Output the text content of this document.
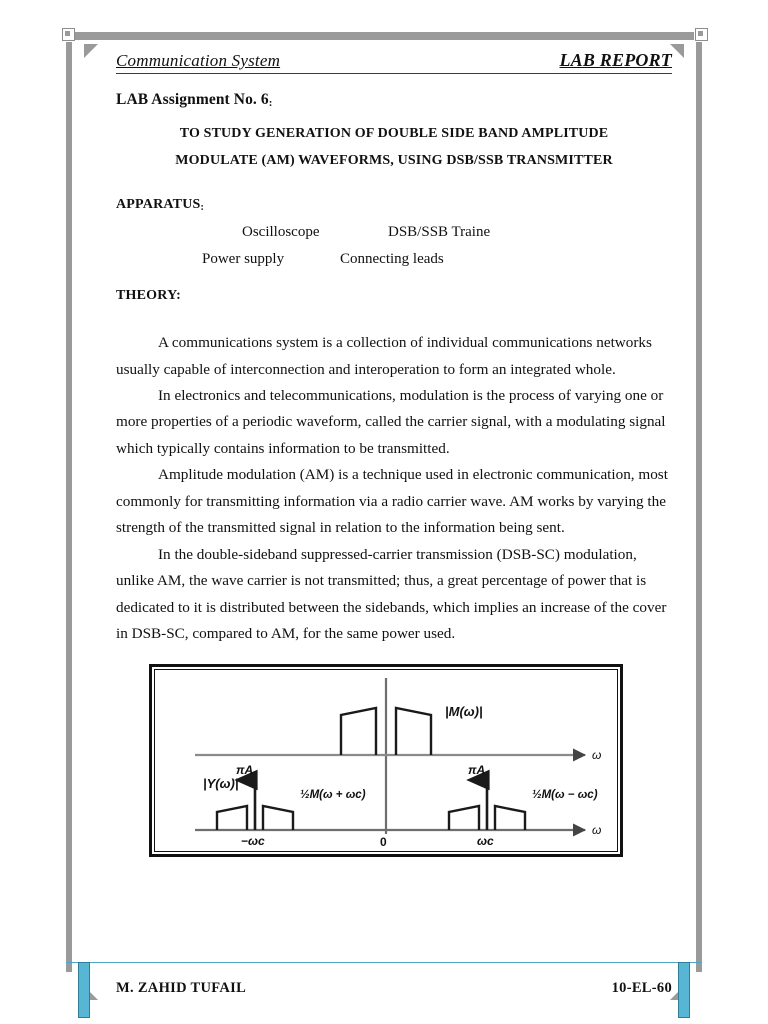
Communication System	LAB REPORT
LAB Assignment No. 6:
TO STUDY GENERATION OF DOUBLE SIDE BAND AMPLITUDE
MODULATE (AM) WAVEFORMS, USING DSB/SSB TRANSMITTER
APPARATUS:
Oscilloscope	DSB/SSB Traine
Power supply	Connecting leads
THEORY:

A communications system is a collection of individual communications networks usually capable of interconnection and interoperation to form an integrated whole.

In electronics and telecommunications, modulation is the process of varying one or more properties of a periodic waveform, called the carrier signal, with a modulating signal which typically contains information to be transmitted.

Amplitude modulation (AM) is a technique used in electronic communication, most commonly for transmitting information via a radio carrier wave. AM works by varying the strength of the transmitted signal in relation to the information being sent.

In the double-sideband suppressed-carrier transmission (DSB-SC) modulation, unlike AM, the wave carrier is not transmitted; thus, a great percentage of power that is dedicated to it is distributed between the sidebands, which implies an increase of the cover in DSB-SC, compared to AM, for the same power used.

|M(ω)|
ω
|Y(ω)|
πA
−ωc
½M(ω + ωc)
0
πA
ωc
½M(ω − ωc)
ω
M. ZAHID TUFAIL	10-EL-60
